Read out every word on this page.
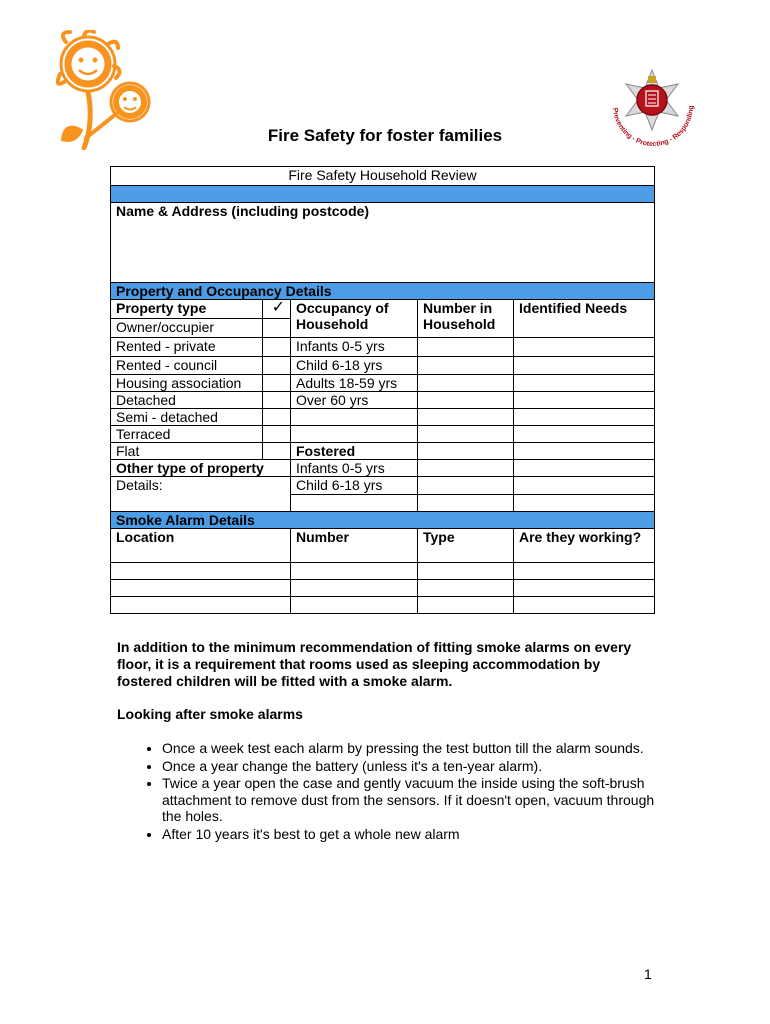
Preventing - Protecting - Responding
Fire Safety for foster families
Fire Safety Household Review				

Name & Address (including postcode)				
Property and Occupancy Details				
Property type	✓	Occupancy of Household	Number in Household	Identified Needs
Owner/occupier				
Rented - private		Infants 0-5 yrs		
Rented - council		Child 6-18 yrs		
Housing association		Adults 18-59 yrs		
Detached		Over 60 yrs		
Semi - detached				
Terraced				
Flat		Fostered		
Other type of property		Infants 0-5 yrs		
Details:		Child 6-18 yrs		

Smoke Alarm Details				
Location		Number	Type	Are they working?

In addition to the minimum recommendation of fitting smoke alarms on every floor, it is a requirement that rooms used as sleeping accommodation by fostered children will be fitted with a smoke alarm.
Looking after smoke alarms
• Once a week test each alarm by pressing the test button till the alarm sounds.
• Once a year change the battery (unless it's a ten-year alarm).
• Twice a year open the case and gently vacuum the inside using the soft-brush attachment to remove dust from the sensors. If it doesn't open, vacuum through the holes.
• After 10 years it's best to get a whole new alarm
1
